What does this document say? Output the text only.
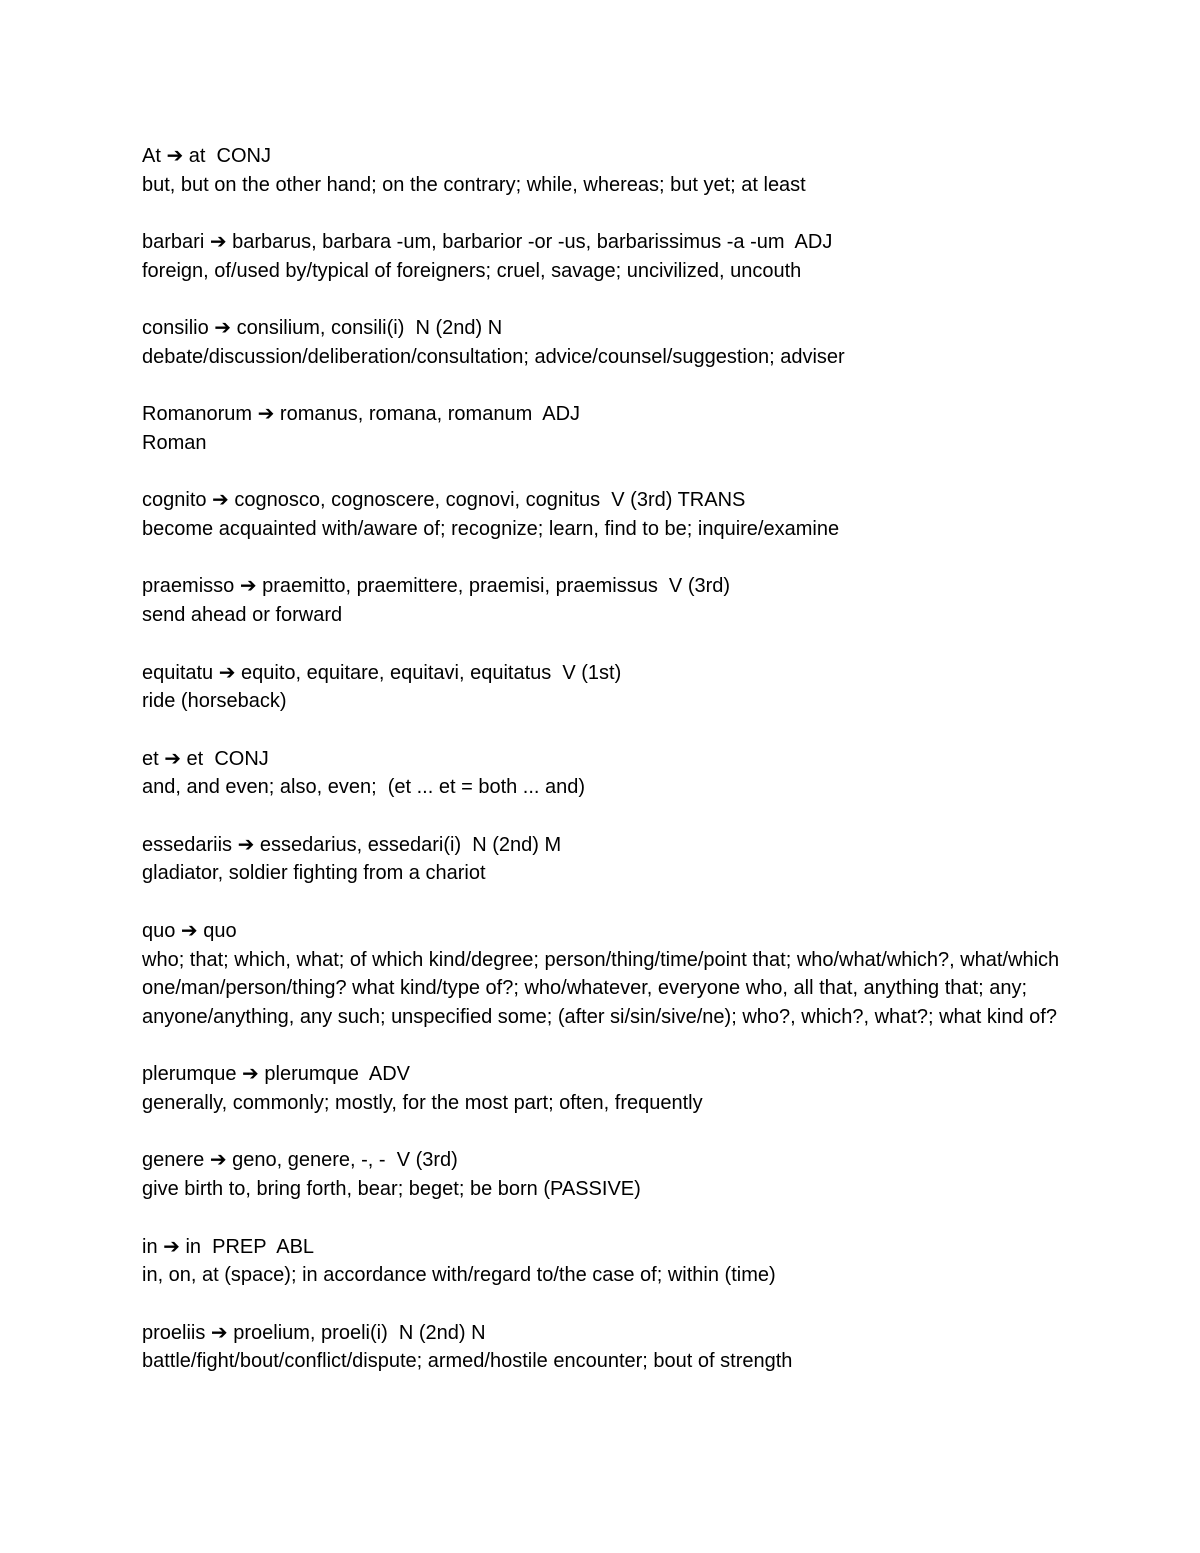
At ➔ at  CONJ
but, but on the other hand; on the contrary; while, whereas; but yet; at least
barbari ➔ barbarus, barbara -um, barbarior -or -us, barbarissimus -a -um  ADJ
foreign, of/used by/typical of foreigners; cruel, savage; uncivilized, uncouth
consilio ➔ consilium, consili(i)  N (2nd) N
debate/discussion/deliberation/consultation; advice/counsel/suggestion; adviser
Romanorum ➔ romanus, romana, romanum  ADJ
Roman
cognito ➔ cognosco, cognoscere, cognovi, cognitus  V (3rd) TRANS
become acquainted with/aware of; recognize; learn, find to be; inquire/examine
praemisso ➔ praemitto, praemittere, praemisi, praemissus  V (3rd)
send ahead or forward
equitatu ➔ equito, equitare, equitavi, equitatus  V (1st)
ride (horseback)
et ➔ et  CONJ
and, and even; also, even;  (et ... et = both ... and)
essedariis ➔ essedarius, essedari(i)  N (2nd) M
gladiator, soldier fighting from a chariot
quo ➔ quo
who; that; which, what; of which kind/degree; person/thing/time/point that; who/what/which?, what/which one/man/person/thing? what kind/type of?; who/whatever, everyone who, all that, anything that; any; anyone/anything, any such; unspecified some; (after si/sin/sive/ne); who?, which?, what?; what kind of?
plerumque ➔ plerumque  ADV
generally, commonly; mostly, for the most part; often, frequently
genere ➔ geno, genere, -, -  V (3rd)
give birth to, bring forth, bear; beget; be born (PASSIVE)
in ➔ in  PREP  ABL
in, on, at (space); in accordance with/regard to/the case of; within (time)
proeliis ➔ proelium, proeli(i)  N (2nd) N
battle/fight/bout/conflict/dispute; armed/hostile encounter; bout of strength
